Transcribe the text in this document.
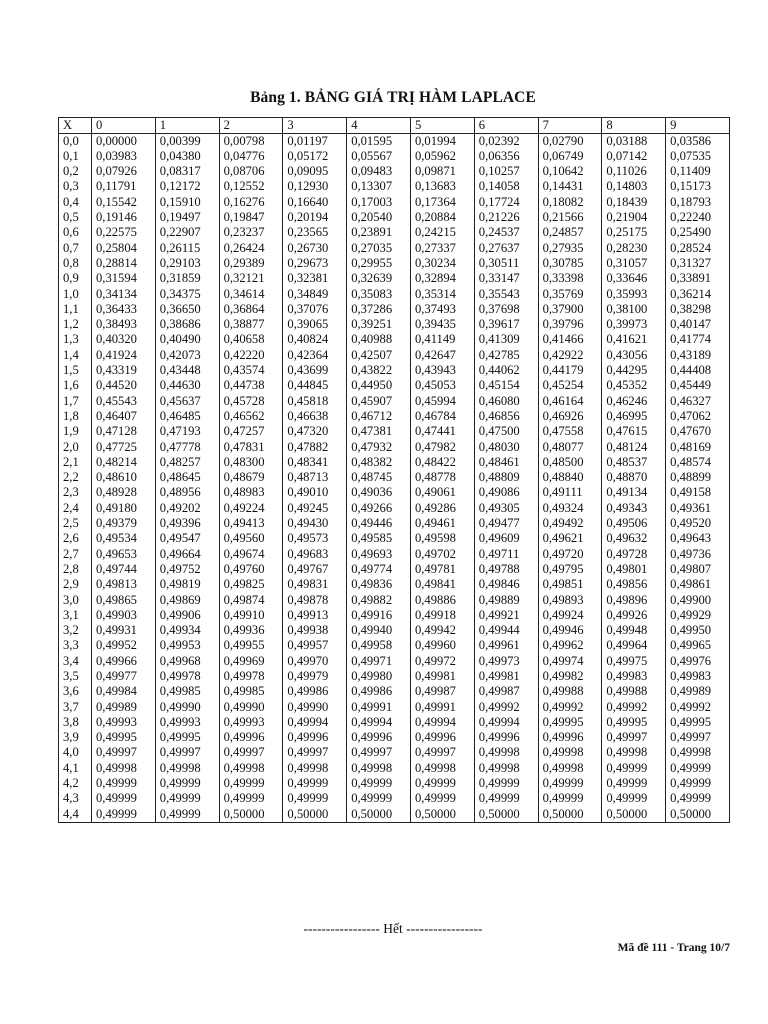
Bảng 1. BẢNG GIÁ TRỊ HÀM LAPLACE
X	0	1	2	3	4	5	6	7	8	9
0,0	0,00000	0,00399	0,00798	0,01197	0,01595	0,01994	0,02392	0,02790	0,03188	0,03586
0,1	0,03983	0,04380	0,04776	0,05172	0,05567	0,05962	0,06356	0,06749	0,07142	0,07535
0,2	0,07926	0,08317	0,08706	0,09095	0,09483	0,09871	0,10257	0,10642	0,11026	0,11409
0,3	0,11791	0,12172	0,12552	0,12930	0,13307	0,13683	0,14058	0,14431	0,14803	0,15173
0,4	0,15542	0,15910	0,16276	0,16640	0,17003	0,17364	0,17724	0,18082	0,18439	0,18793
0,5	0,19146	0,19497	0,19847	0,20194	0,20540	0,20884	0,21226	0,21566	0,21904	0,22240
0,6	0,22575	0,22907	0,23237	0,23565	0,23891	0,24215	0,24537	0,24857	0,25175	0,25490
0,7	0,25804	0,26115	0,26424	0,26730	0,27035	0,27337	0,27637	0,27935	0,28230	0,28524
0,8	0,28814	0,29103	0,29389	0,29673	0,29955	0,30234	0,30511	0,30785	0,31057	0,31327
0,9	0,31594	0,31859	0,32121	0,32381	0,32639	0,32894	0,33147	0,33398	0,33646	0,33891
1,0	0,34134	0,34375	0,34614	0,34849	0,35083	0,35314	0,35543	0,35769	0,35993	0,36214
1,1	0,36433	0,36650	0,36864	0,37076	0,37286	0,37493	0,37698	0,37900	0,38100	0,38298
1,2	0,38493	0,38686	0,38877	0,39065	0,39251	0,39435	0,39617	0,39796	0,39973	0,40147
1,3	0,40320	0,40490	0,40658	0,40824	0,40988	0,41149	0,41309	0,41466	0,41621	0,41774
1,4	0,41924	0,42073	0,42220	0,42364	0,42507	0,42647	0,42785	0,42922	0,43056	0,43189
1,5	0,43319	0,43448	0,43574	0,43699	0,43822	0,43943	0,44062	0,44179	0,44295	0,44408
1,6	0,44520	0,44630	0,44738	0,44845	0,44950	0,45053	0,45154	0,45254	0,45352	0,45449
1,7	0,45543	0,45637	0,45728	0,45818	0,45907	0,45994	0,46080	0,46164	0,46246	0,46327
1,8	0,46407	0,46485	0,46562	0,46638	0,46712	0,46784	0,46856	0,46926	0,46995	0,47062
1,9	0,47128	0,47193	0,47257	0,47320	0,47381	0,47441	0,47500	0,47558	0,47615	0,47670
2,0	0,47725	0,47778	0,47831	0,47882	0,47932	0,47982	0,48030	0,48077	0,48124	0,48169
2,1	0,48214	0,48257	0,48300	0,48341	0,48382	0,48422	0,48461	0,48500	0,48537	0,48574
2,2	0,48610	0,48645	0,48679	0,48713	0,48745	0,48778	0,48809	0,48840	0,48870	0,48899
2,3	0,48928	0,48956	0,48983	0,49010	0,49036	0,49061	0,49086	0,49111	0,49134	0,49158
2,4	0,49180	0,49202	0,49224	0,49245	0,49266	0,49286	0,49305	0,49324	0,49343	0,49361
2,5	0,49379	0,49396	0,49413	0,49430	0,49446	0,49461	0,49477	0,49492	0,49506	0,49520
2,6	0,49534	0,49547	0,49560	0,49573	0,49585	0,49598	0,49609	0,49621	0,49632	0,49643
2,7	0,49653	0,49664	0,49674	0,49683	0,49693	0,49702	0,49711	0,49720	0,49728	0,49736
2,8	0,49744	0,49752	0,49760	0,49767	0,49774	0,49781	0,49788	0,49795	0,49801	0,49807
2,9	0,49813	0,49819	0,49825	0,49831	0,49836	0,49841	0,49846	0,49851	0,49856	0,49861
3,0	0,49865	0,49869	0,49874	0,49878	0,49882	0,49886	0,49889	0,49893	0,49896	0,49900
3,1	0,49903	0,49906	0,49910	0,49913	0,49916	0,49918	0,49921	0,49924	0,49926	0,49929
3,2	0,49931	0,49934	0,49936	0,49938	0,49940	0,49942	0,49944	0,49946	0,49948	0,49950
3,3	0,49952	0,49953	0,49955	0,49957	0,49958	0,49960	0,49961	0,49962	0,49964	0,49965
3,4	0,49966	0,49968	0,49969	0,49970	0,49971	0,49972	0,49973	0,49974	0,49975	0,49976
3,5	0,49977	0,49978	0,49978	0,49979	0,49980	0,49981	0,49981	0,49982	0,49983	0,49983
3,6	0,49984	0,49985	0,49985	0,49986	0,49986	0,49987	0,49987	0,49988	0,49988	0,49989
3,7	0,49989	0,49990	0,49990	0,49990	0,49991	0,49991	0,49992	0,49992	0,49992	0,49992
3,8	0,49993	0,49993	0,49993	0,49994	0,49994	0,49994	0,49994	0,49995	0,49995	0,49995
3,9	0,49995	0,49995	0,49996	0,49996	0,49996	0,49996	0,49996	0,49996	0,49997	0,49997
4,0	0,49997	0,49997	0,49997	0,49997	0,49997	0,49997	0,49998	0,49998	0,49998	0,49998
4,1	0,49998	0,49998	0,49998	0,49998	0,49998	0,49998	0,49998	0,49998	0,49999	0,49999
4,2	0,49999	0,49999	0,49999	0,49999	0,49999	0,49999	0,49999	0,49999	0,49999	0,49999
4,3	0,49999	0,49999	0,49999	0,49999	0,49999	0,49999	0,49999	0,49999	0,49999	0,49999
4,4	0,49999	0,49999	0,50000	0,50000	0,50000	0,50000	0,50000	0,50000	0,50000	0,50000
----------------- Hết -----------------
Mã đề 111 - Trang 10/7
